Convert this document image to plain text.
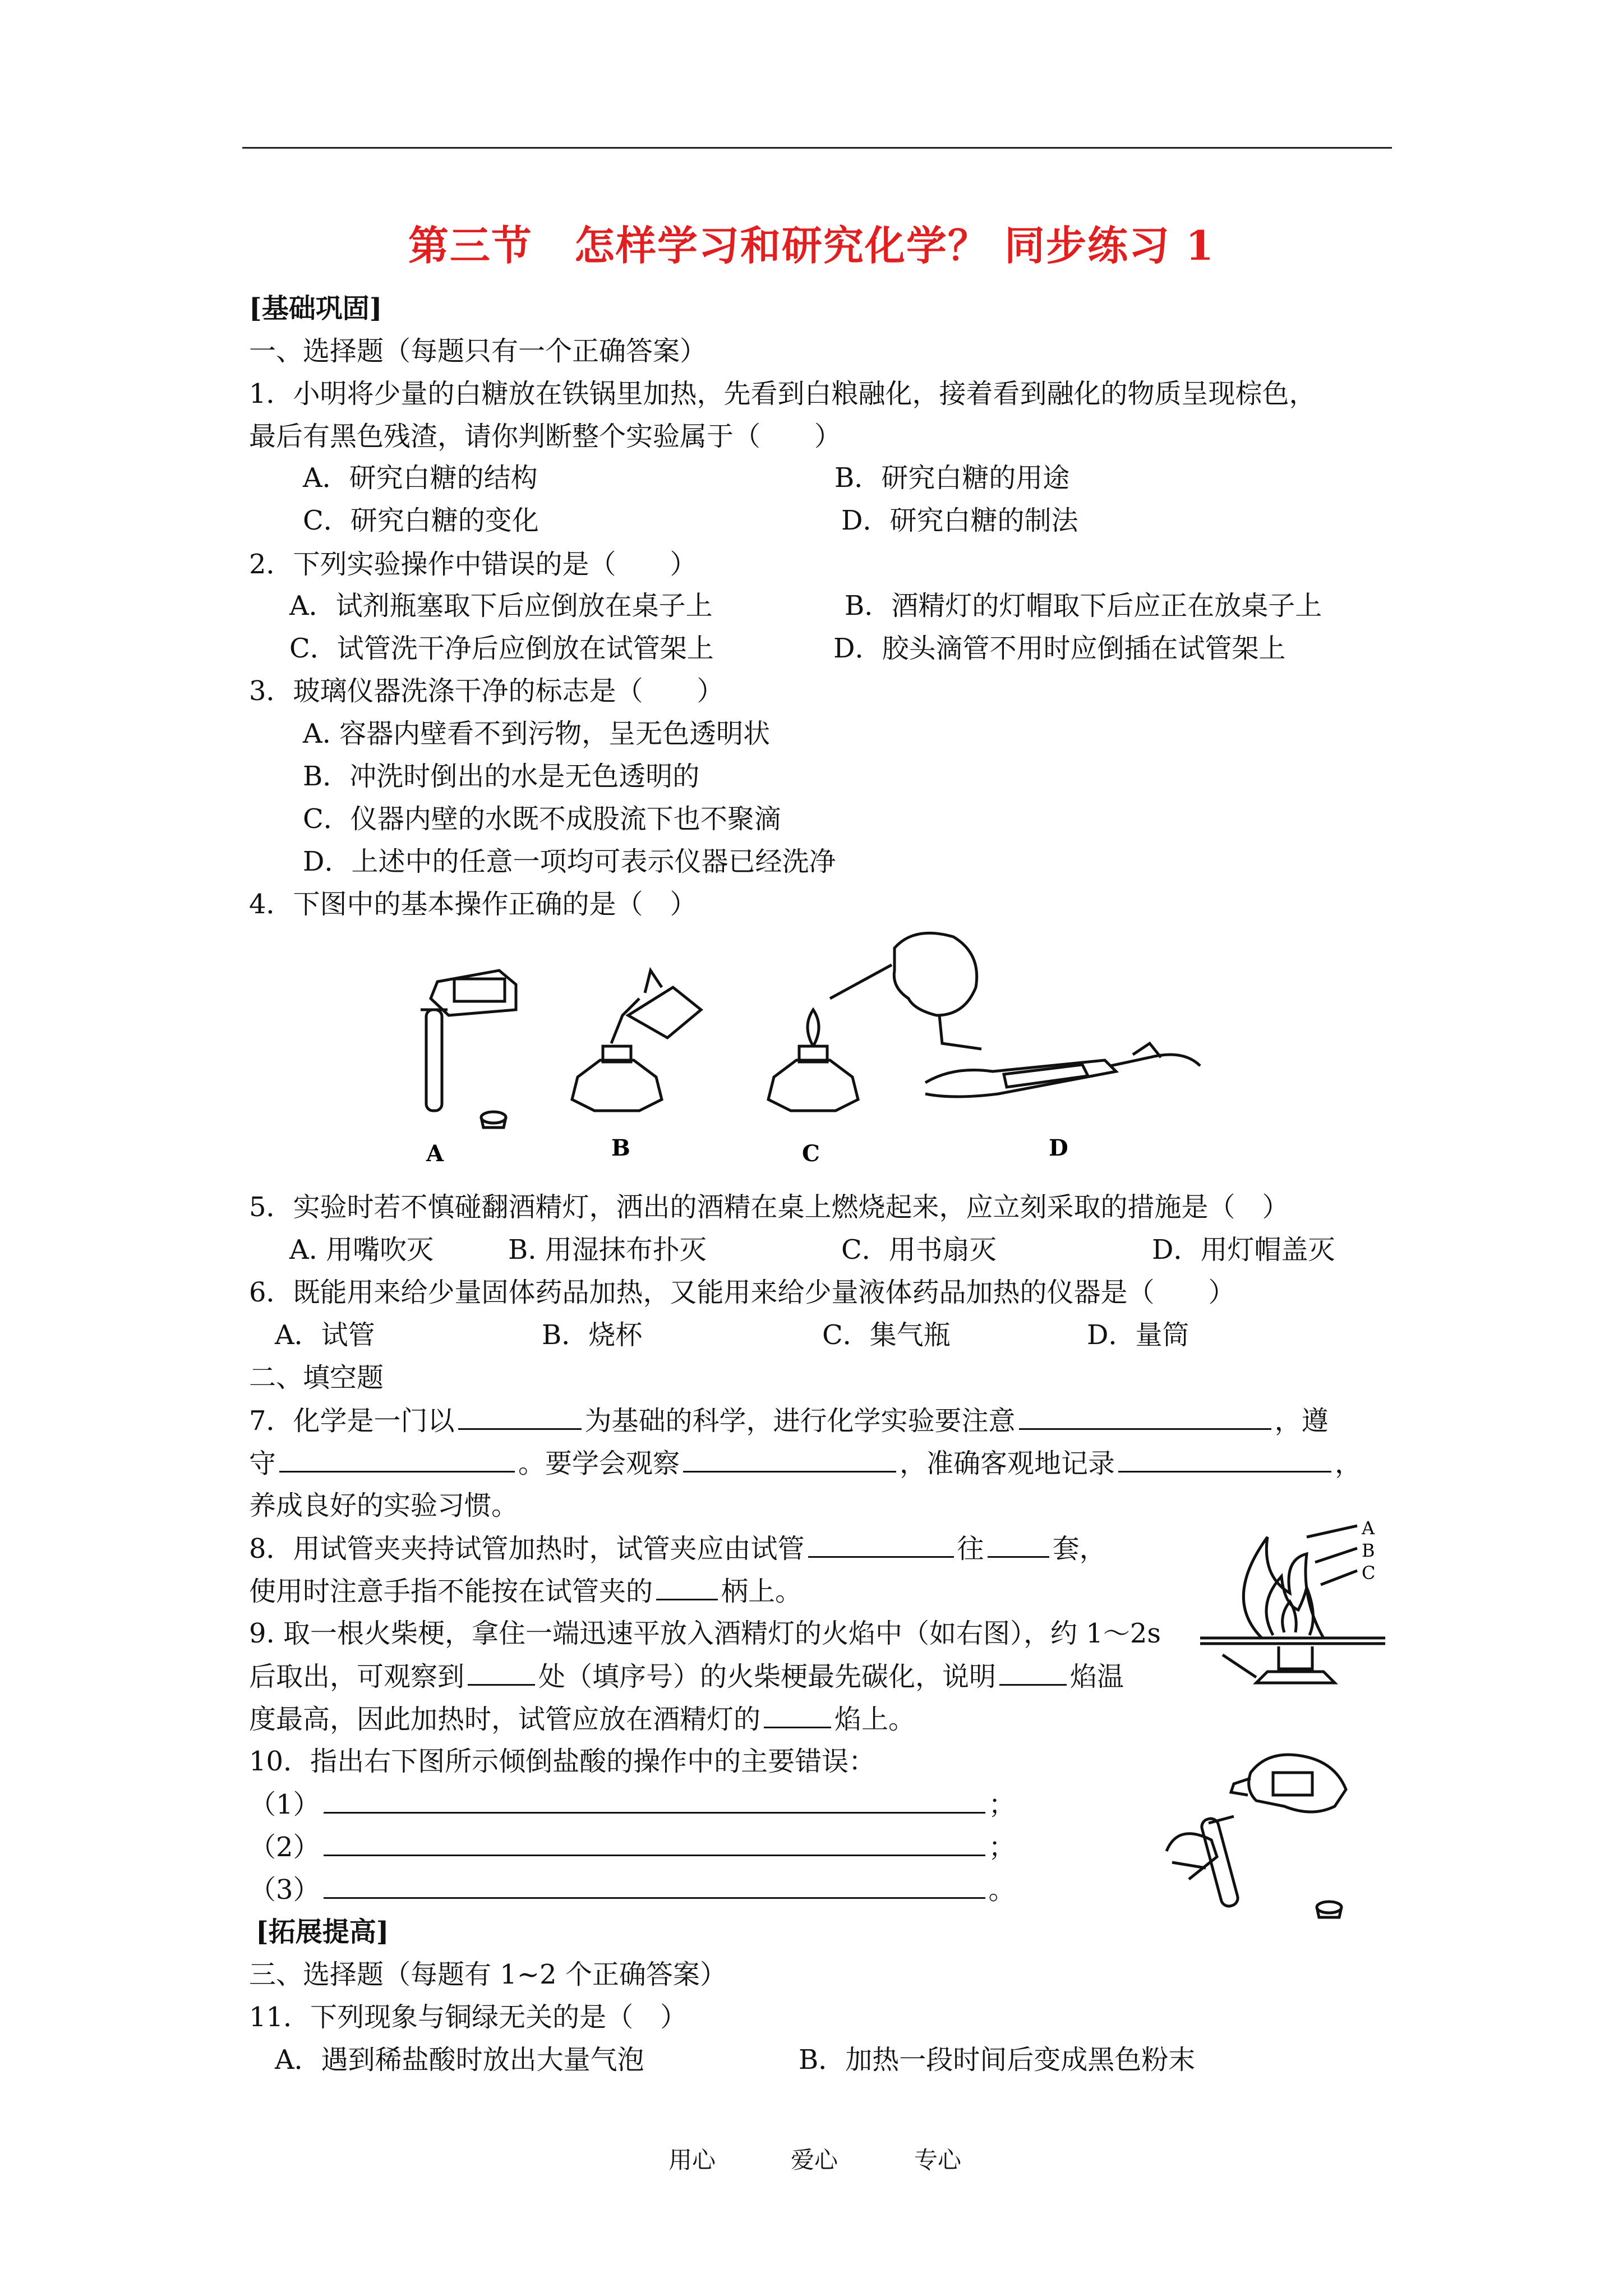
第三节　怎样学习和研究化学？ 同步练习 1
[基础巩固]
一、选择题（每题只有一个正确答案）
1．小明将少量的白糖放在铁锅里加热，先看到白粮融化，接着看到融化的物质呈现棕色，
最后有黑色残渣，请你判断整个实验属于（　　）
A．研究白糖的结构	B．研究白糖的用途
C．研究白糖的变化	D．研究白糖的制法
2．下列实验操作中错误的是（　　）
A．试剂瓶塞取下后应倒放在桌子上	B．酒精灯的灯帽取下后应正在放桌子上
C．试管洗干净后应倒放在试管架上	D．胶头滴管不用时应倒插在试管架上
3．玻璃仪器洗涤干净的标志是（　　）
A. 容器内壁看不到污物，呈无色透明状
B．冲洗时倒出的水是无色透明的
C．仪器内壁的水既不成股流下也不聚滴
D．上述中的任意一项均可表示仪器已经洗净
4．下图中的基本操作正确的是（　）
A	B	C	D
5．实验时若不慎碰翻酒精灯，洒出的酒精在桌上燃烧起来，应立刻采取的措施是（　）
A. 用嘴吹灭	B. 用湿抹布扑灭	C．用书扇灭	D．用灯帽盖灭
6．既能用来给少量固体药品加热，又能用来给少量液体药品加热的仪器是（　　）
A．试管	B．烧杯	C．集气瓶	D．量筒
二、填空题
7．化学是一门以	为基础的科学，进行化学实验要注意	，遵
守	。要学会观察	，准确客观地记录	，
养成良好的实验习惯。
8．用试管夹夹持试管加热时，试管夹应由试管	往	套，
使用时注意手指不能按在试管夹的	柄上。
A
B
C
9. 取一根火柴梗，拿住一端迅速平放入酒精灯的火焰中（如右图），约 1～2s
后取出，可观察到	处（填序号）的火柴梗最先碳化，说明	焰温
度最高，因此加热时，试管应放在酒精灯的	焰上。
10．指出右下图所示倾倒盐酸的操作中的主要错误：
（1）	；
（2）	；
（3）	。
[拓展提高]
三、选择题（每题有 1~2 个正确答案）
11．下列现象与铜绿无关的是（　）
A．遇到稀盐酸时放出大量气泡	B．加热一段时间后变成黑色粉末
用心	爱心	专心
